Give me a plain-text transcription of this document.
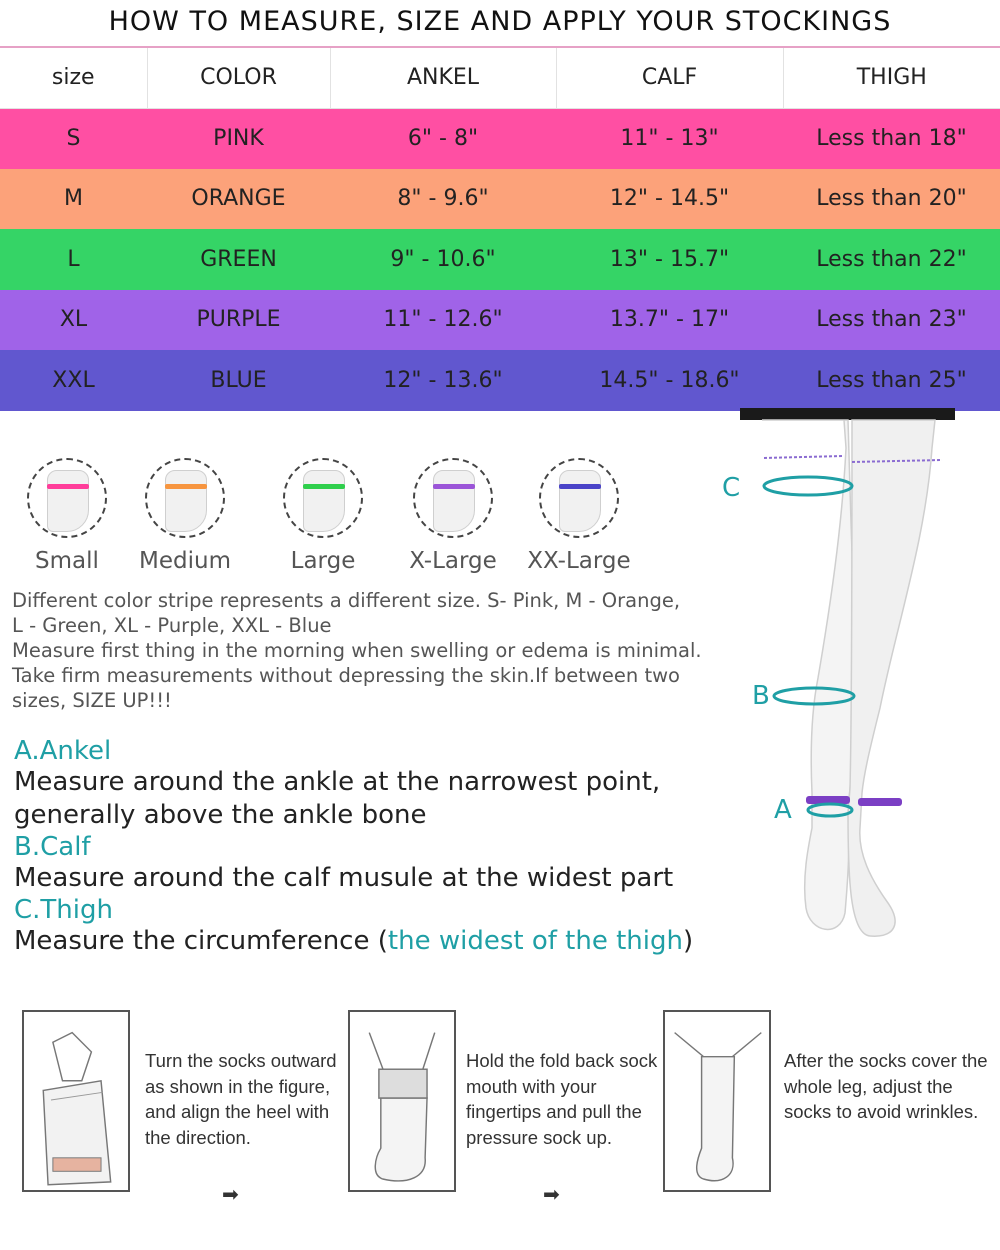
HOW TO MEASURE, SIZE AND APPLY YOUR STOCKINGS
size	COLOR	ANKEL	CALF	THIGH
S	PINK	6" - 8"	11" - 13"	Less than 18"
M	ORANGE	8" - 9.6"	12" - 14.5"	Less than 20"
L	GREEN	9" - 10.6"	13" - 15.7"	Less than 22"
XL	PURPLE	11" - 12.6"	13.7" - 17"	Less than 23"
XXL	BLUE	12" - 13.6"	14.5" - 18.6"	Less than 25"
Small	Medium	Large	X-Large	XX-Large
Different color stripe represents a different size. S- Pink, M - Orange,
L - Green, XL - Purple, XXL - Blue
Measure first thing in the morning when swelling or edema is minimal.
Take firm measurements without depressing the skin.If between two
sizes, SIZE UP!!!
A.Ankel
Measure around the ankle at the narrowest point,
generally above the ankle bone
B.Calf
Measure around the calf musule at the widest part
C.Thigh
Measure the circumference (the widest of the thigh)
C
B
A
Turn the socks outward
as shown in the figure,
and align the heel with
the direction.
➡
Hold the fold back sock
mouth with your
fingertips and pull the
pressure sock up.
➡
After the socks cover the
whole leg, adjust the
socks to avoid wrinkles.
